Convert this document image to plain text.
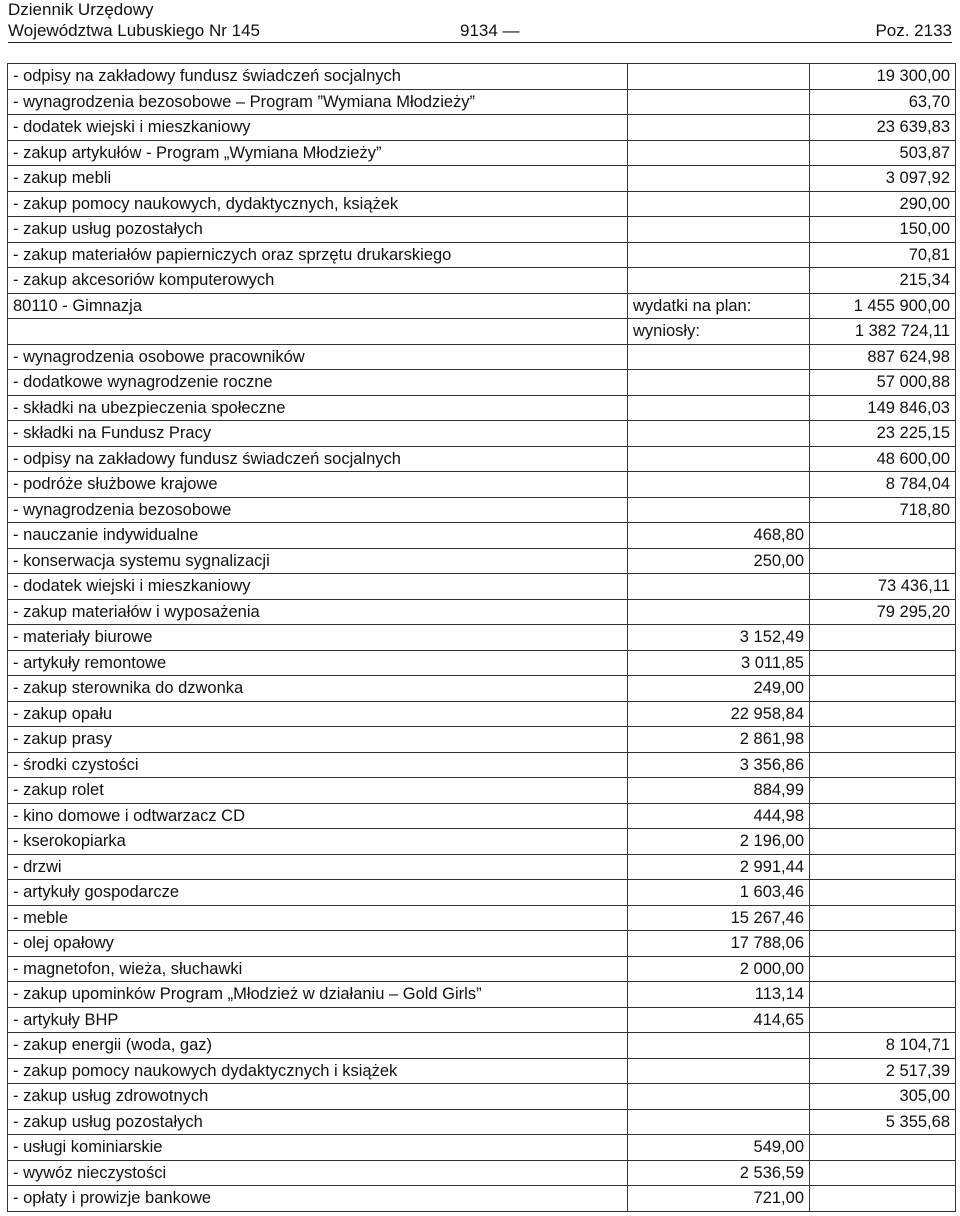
Dziennik Urzędowy
Województwa Lubuskiego Nr 145	9134 —	Poz. 2133
- odpisy na zakładowy fundusz świadczeń socjalnych		19 300,00
- wynagrodzenia bezosobowe – Program ”Wymiana Młodzieży”		63,70
- dodatek wiejski i mieszkaniowy		23 639,83
- zakup artykułów - Program „Wymiana Młodzieży”		503,87
- zakup mebli		3 097,92
- zakup pomocy naukowych, dydaktycznych, książek		290,00
- zakup usług pozostałych		150,00
- zakup materiałów papierniczych oraz sprzętu drukarskiego		70,81
- zakup akcesoriów komputerowych		215,34
80110 - Gimnazja	wydatki na plan:	1 455 900,00
	wyniosły:	1 382 724,11
- wynagrodzenia osobowe pracowników		887 624,98
- dodatkowe wynagrodzenie roczne		57 000,88
- składki na ubezpieczenia społeczne		149 846,03
- składki na Fundusz Pracy		23 225,15
- odpisy na zakładowy fundusz świadczeń socjalnych		48 600,00
- podróże służbowe krajowe		8 784,04
- wynagrodzenia bezosobowe		718,80
- nauczanie indywidualne	468,80	
- konserwacja systemu sygnalizacji	250,00	
- dodatek wiejski i mieszkaniowy		73 436,11
- zakup materiałów i wyposażenia		79 295,20
- materiały biurowe	3 152,49	
- artykuły remontowe	3 011,85	
- zakup sterownika do dzwonka	249,00	
- zakup opału	22 958,84	
- zakup prasy	2 861,98	
- środki czystości	3 356,86	
- zakup rolet	884,99	
- kino domowe i odtwarzacz CD	444,98	
- kserokopiarka	2 196,00	
- drzwi	2 991,44	
- artykuły gospodarcze	1 603,46	
- meble	15 267,46	
- olej opałowy	17 788,06	
- magnetofon, wieża, słuchawki	2 000,00	
- zakup upominków Program „Młodzież w działaniu – Gold Girls”	113,14	
- artykuły BHP	414,65	
- zakup energii (woda, gaz)		8 104,71
- zakup pomocy naukowych dydaktycznych i książek		2 517,39
- zakup usług zdrowotnych		305,00
- zakup usług pozostałych		5 355,68
- usługi kominiarskie	549,00	
- wywóz nieczystości	2 536,59	
- opłaty i prowizje bankowe	721,00	
